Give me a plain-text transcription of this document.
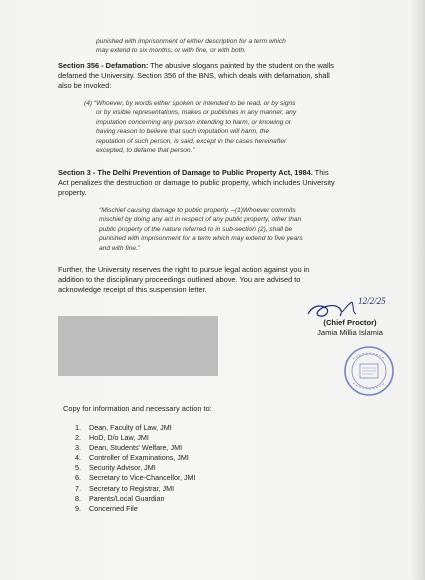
punished with imprisonment of either description for a term which
may extend to six months, or with fine, or with both.
Section 356 - Defamation: The abusive slogans painted by the student on the walls
defamed the University. Section 356 of the BNS, which deals with defamation, shall
also be invoked:
(4) “Whoever, by words either spoken or intended to be read, or by signs
or by visible representations, makes or publishes in any manner, any
imputation concerning any person intending to harm, or knowing or
having reason to believe that such imputation will harm, the
reputation of such person, is said, except in the cases hereinafter
excepted, to defame that person.”
Section 3 - The Delhi Prevention of Damage to Public Property Act, 1984. This
Act penalizes the destruction or damage to public property, which includes University
property.
“Mischief causing damage to public property. –(1)Whoever commits
mischief by doing any act in respect of any public property, other than
public property of the nature referred to in sub-section (2), shall be
punished with imprisonment for a term which may extend to five years
and with fine.”
Further, the University reserves the right to pursue legal action against you in
addition to the disciplinary proceedings outlined above. You are advised to
acknowledge receipt of this suspension letter.
12/2/25
(Chief Proctor)
Jamia Millia Islamia
Copy for information and necessary action to:
1. Dean, Faculty of Law, JMI
2. HoD, D/o Law, JMI
3. Dean, Students' Welfare, JMI
4. Controller of Examinations, JMI
5. Security Advisor, JMI
6. Secretary to Vice-Chancellor, JMI
7. Secretary to Registrar, JMI
8. Parents/Local Guardian
9. Concerned File
